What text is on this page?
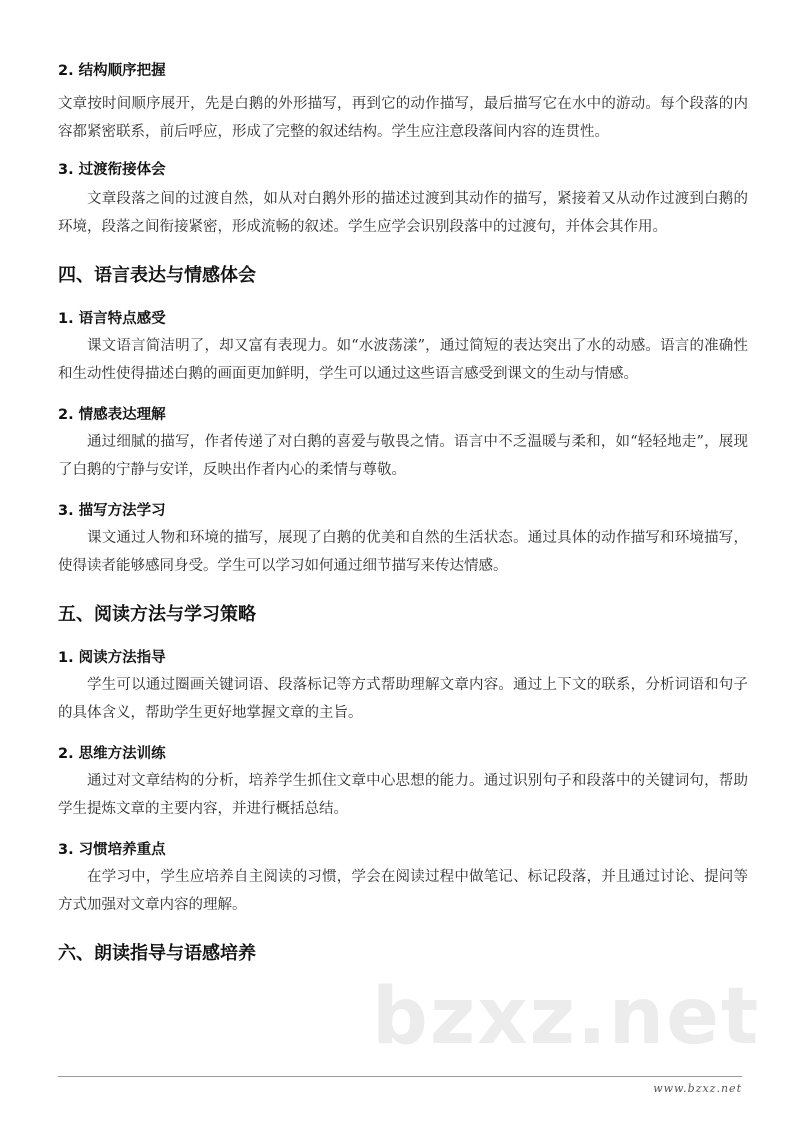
2. 结构顺序把握

文章按时间顺序展开，先是白鹅的外形描写，再到它的动作描写，最后描写它在水中的游动。每个段落的内容都紧密联系，前后呼应，形成了完整的叙述结构。学生应注意段落间内容的连贯性。

3. 过渡衔接体会

文章段落之间的过渡自然，如从对白鹅外形的描述过渡到其动作的描写，紧接着又从动作过渡到白鹅的环境，段落之间衔接紧密，形成流畅的叙述。学生应学会识别段落中的过渡句，并体会其作用。

四、语言表达与情感体会
1. 语言特点感受

课文语言简洁明了，却又富有表现力。如“水波荡漾”，通过简短的表达突出了水的动感。语言的准确性和生动性使得描述白鹅的画面更加鲜明，学生可以通过这些语言感受到课文的生动与情感。

2. 情感表达理解

通过细腻的描写，作者传递了对白鹅的喜爱与敬畏之情。语言中不乏温暖与柔和，如“轻轻地走”，展现了白鹅的宁静与安详，反映出作者内心的柔情与尊敬。

3. 描写方法学习

课文通过人物和环境的描写，展现了白鹅的优美和自然的生活状态。通过具体的动作描写和环境描写，使得读者能够感同身受。学生可以学习如何通过细节描写来传达情感。

五、阅读方法与学习策略
1. 阅读方法指导

学生可以通过圈画关键词语、段落标记等方式帮助理解文章内容。通过上下文的联系，分析词语和句子的具体含义，帮助学生更好地掌握文章的主旨。

2. 思维方法训练

通过对文章结构的分析，培养学生抓住文章中心思想的能力。通过识别句子和段落中的关键词句，帮助学生提炼文章的主要内容，并进行概括总结。

3. 习惯培养重点

在学习中，学生应培养自主阅读的习惯，学会在阅读过程中做笔记、标记段落，并且通过讨论、提问等方式加强对文章内容的理解。

六、朗读指导与语感培养
bzxz.net
www.bzxz.net
